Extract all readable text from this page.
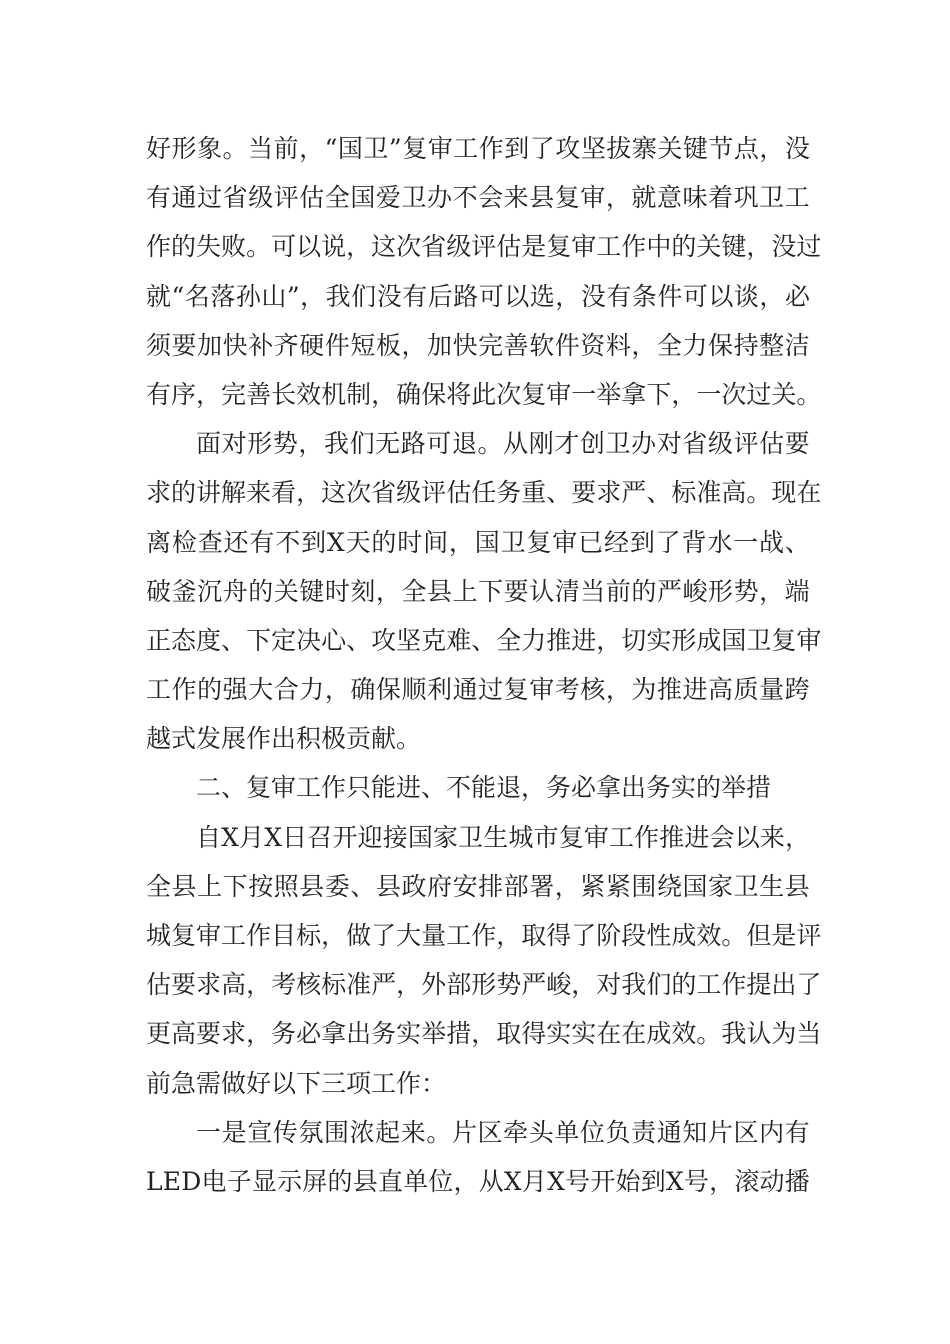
好 形 象 。 当 前 ， “ 国 卫 ” 复 审 工 作 到 了 攻 坚 拔 寨 关 键 节 点 ， 没
有 通 过 省 级 评 估 全 国 爱 卫 办 不 会 来 县 复 审 ， 就 意 味 着 巩 卫 工
作 的 失 败 。 可 以 说 ， 这 次 省 级 评 估 是 复 审 工 作 中 的 关 键 ， 没 过
就 “ 名 落 孙 山 ” ， 我 们 没 有 后 路 可 以 选 ， 没 有 条 件 可 以 谈 ， 必
须 要 加 快 补 齐 硬 件 短 板 ， 加 快 完 善 软 件 资 料 ， 全 力 保 持 整 洁
有 序 ， 完 善 长 效 机 制 ， 确 保 将 此 次 复 审 一 举 拿 下 ， 一 次 过 关 。
面 对 形 势 ， 我 们 无 路 可 退 。 从 刚 才 创 卫 办 对 省 级 评 估 要
求 的 讲 解 来 看 ， 这 次 省 级 评 估 任 务 重 、 要 求 严 、 标 准 高 。 现 在
离 检 查 还 有 不 到 X 天 的 时 间 ， 国 卫 复 审 已 经 到 了 背 水 一 战 、
破 釜 沉 舟 的 关 键 时 刻 ， 全 县 上 下 要 认 清 当 前 的 严 峻 形 势 ， 端
正 态 度 、 下 定 决 心 、 攻 坚 克 难 、 全 力 推 进 ， 切 实 形 成 国 卫 复 审
工 作 的 强 大 合 力 ， 确 保 顺 利 通 过 复 审 考 核 ， 为 推 进 高 质 量 跨
越式发展作出积极贡献。
二、复审工作只能进、不能退，务必拿出务实的举措
自 X 月 X 日 召 开 迎 接 国 家 卫 生 城 市 复 审 工 作 推 进 会 以 来 ，
全 县 上 下 按 照 县 委 、 县 政 府 安 排 部 署 ， 紧 紧 围 绕 国 家 卫 生 县
城 复 审 工 作 目 标 ， 做 了 大 量 工 作 ， 取 得 了 阶 段 性 成 效 。 但 是 评
估 要 求 高 ， 考 核 标 准 严 ， 外 部 形 势 严 峻 ， 对 我 们 的 工 作 提 出 了
更 高 要 求 ， 务 必 拿 出 务 实 举 措 ， 取 得 实 实 在 在 成 效 。 我 认 为 当
前急需做好以下三项工作：
一 是 宣 传 氛 围 浓 起 来 。 片 区 牵 头 单 位 负 责 通 知 片 区 内 有
L E D 电 子 显 示 屏 的 县 直 单 位 ， 从 X 月 X 号 开 始 到 X 号 ， 滚 动 播
